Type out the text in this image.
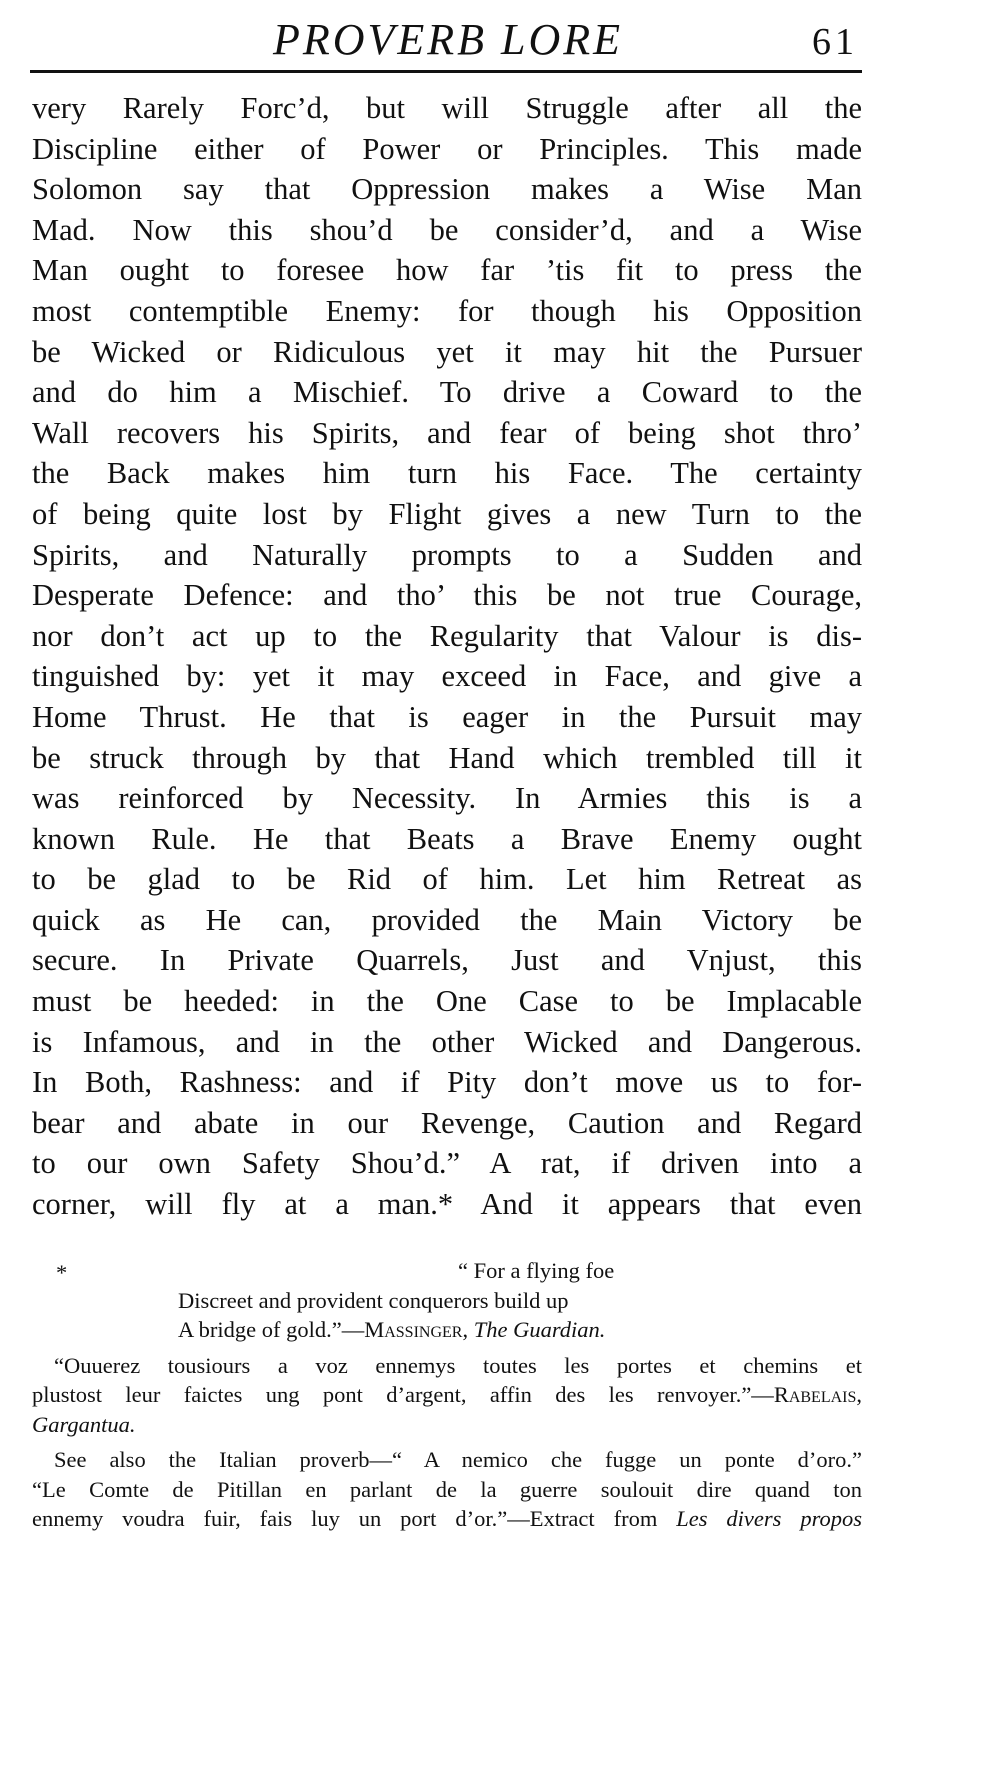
PROVERB LORE	61
very Rarely Forc’d, but will Struggle after all the
Discipline either of Power or Principles. This made
Solomon say that Oppression makes a Wise Man
Mad. Now this shou’d be consider’d, and a Wise
Man ought to foresee how far ’tis fit to press the
most contemptible Enemy: for though his Opposition
be Wicked or Ridiculous yet it may hit the Pursuer
and do him a Mischief. To drive a Coward to the
Wall recovers his Spirits, and fear of being shot thro’
the Back makes him turn his Face. The certainty
of being quite lost by Flight gives a new Turn to the
Spirits, and Naturally prompts to a Sudden and
Desperate Defence: and tho’ this be not true Courage,
nor don’t act up to the Regularity that Valour is dis-
tinguished by: yet it may exceed in Face, and give a
Home Thrust. He that is eager in the Pursuit may
be struck through by that Hand which trembled till it
was reinforced by Necessity. In Armies this is a
known Rule. He that Beats a Brave Enemy ought
to be glad to be Rid of him. Let him Retreat as
quick as He can, provided the Main Victory be
secure. In Private Quarrels, Just and Vnjust, this
must be heeded: in the One Case to be Implacable
is Infamous, and in the other Wicked and Dangerous.
In Both, Rashness: and if Pity don’t move us to for-
bear and abate in our Revenge, Caution and Regard
to our own Safety Shou’d.” A rat, if driven into a
corner, will fly at a man.* And it appears that even
*	“ For a flying foe
Discreet and provident conquerors build up
A bridge of gold.”—Massinger, The Guardian.
“Ouuerez tousiours a voz ennemys toutes les portes et chemins et
plustost leur faictes ung pont d’argent, affin des les renvoyer.”—Rabelais,
Gargantua.
See also the Italian proverb—“ A nemico che fugge un ponte d’oro.”
“Le Comte de Pitillan en parlant de la guerre soulouit dire quand ton
ennemy voudra fuir, fais luy un port d’or.”—Extract from Les divers propos
